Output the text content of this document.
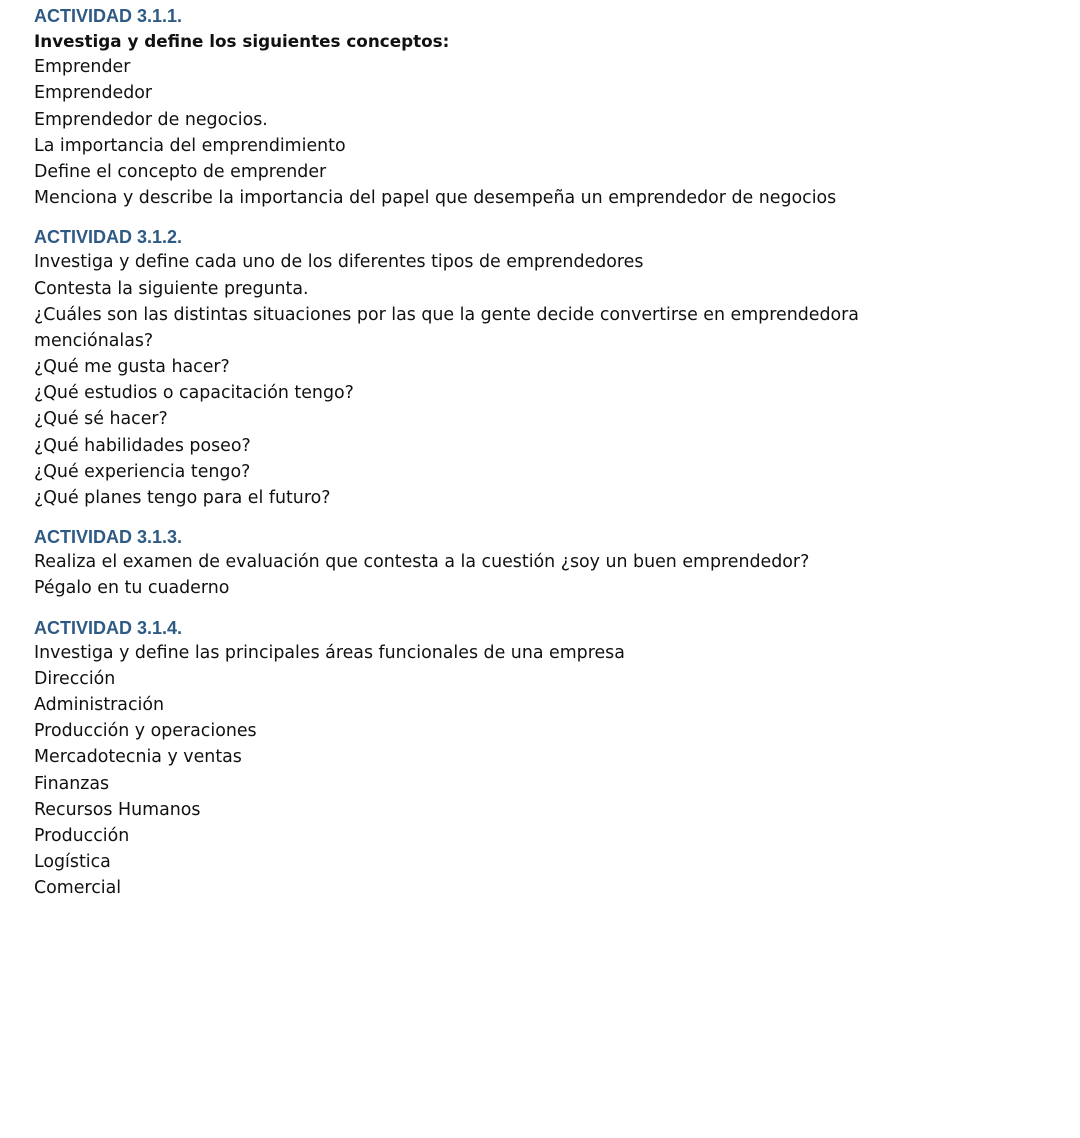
ACTIVIDAD 3.1.1.
Investiga y define los siguientes conceptos:
Emprender
Emprendedor
Emprendedor de negocios.
La importancia del emprendimiento
Define el concepto de emprender
Menciona y describe la importancia del papel que desempeña un emprendedor de negocios
ACTIVIDAD 3.1.2.
Investiga y define cada uno de los diferentes tipos de emprendedores
Contesta la siguiente pregunta.
¿Cuáles son las distintas situaciones por las que la gente decide convertirse en emprendedora
menciónalas?
¿Qué me gusta hacer?
¿Qué estudios o capacitación tengo?
¿Qué sé hacer?
¿Qué habilidades poseo?
¿Qué experiencia tengo?
¿Qué planes tengo para el futuro?
ACTIVIDAD 3.1.3.
Realiza el examen de evaluación que contesta a la cuestión ¿soy un buen emprendedor?
Pégalo en tu cuaderno
ACTIVIDAD 3.1.4.
Investiga y define las principales áreas funcionales de una empresa
Dirección
Administración
Producción y operaciones
Mercadotecnia y ventas
Finanzas
Recursos Humanos
Producción
Logística
Comercial
